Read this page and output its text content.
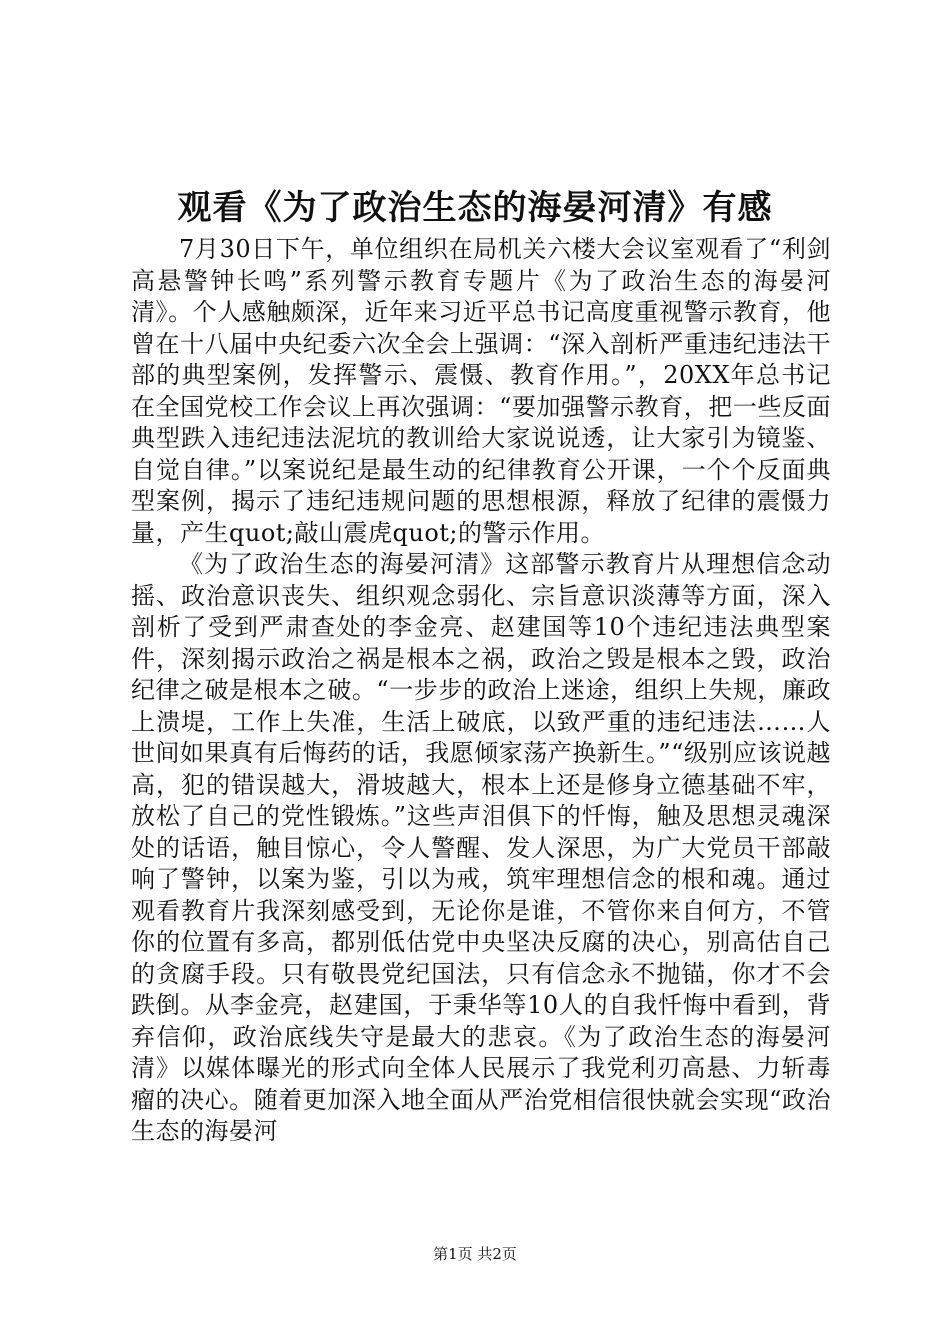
观看《为了政治生态的海晏河清》有感

7月30日下午，单位组织在局机关六楼大会议室观看了“利剑高悬警钟长鸣”系列警示教育专题片《为了政治生态的海晏河清》。个人感触颇深，近年来习近平总书记高度重视警示教育，他曾在十八届中央纪委六次全会上强调：“深入剖析严重违纪违法干部的典型案例，发挥警示、震慑、教育作用。”，20XX年总书记在全国党校工作会议上再次强调：“要加强警示教育，把一些反面典型跌入违纪违法泥坑的教训给大家说说透，让大家引为镜鉴、自觉自律。”以案说纪是最生动的纪律教育公开课，一个个反面典型案例，揭示了违纪违规问题的思想根源，释放了纪律的震慑力量，产生quot;敲山震虎quot;的警示作用。

《为了政治生态的海晏河清》这部警示教育片从理想信念动摇、政治意识丧失、组织观念弱化、宗旨意识淡薄等方面，深入剖析了受到严肃查处的李金亮、赵建国等10个违纪违法典型案件，深刻揭示政治之祸是根本之祸，政治之毁是根本之毁，政治纪律之破是根本之破。“一步步的政治上迷途，组织上失规，廉政上溃堤，工作上失准，生活上破底，以致严重的违纪违法……人世间如果真有后悔药的话，我愿倾家荡产换新生。”“级别应该说越高，犯的错误越大，滑坡越大，根本上还是修身立德基础不牢，放松了自己的党性锻炼。”这些声泪俱下的忏悔，触及思想灵魂深处的话语，触目惊心，令人警醒、发人深思，为广大党员干部敲响了警钟，以案为鉴，引以为戒，筑牢理想信念的根和魂。通过观看教育片我深刻感受到，无论你是谁，不管你来自何方，不管你的位置有多高，都别低估党中央坚决反腐的决心，别高估自己的贪腐手段。只有敬畏党纪国法，只有信念永不抛锚，你才不会跌倒。从李金亮，赵建国，于秉华等10人的自我忏悔中看到，背弃信仰，政治底线失守是最大的悲哀。《为了政治生态的海晏河清》以媒体曝光的形式向全体人民展示了我党利刃高悬、力斩毒瘤的决心。随着更加深入地全面从严治党相信很快就会实现“政治生态的海晏河

第1页 共2页
